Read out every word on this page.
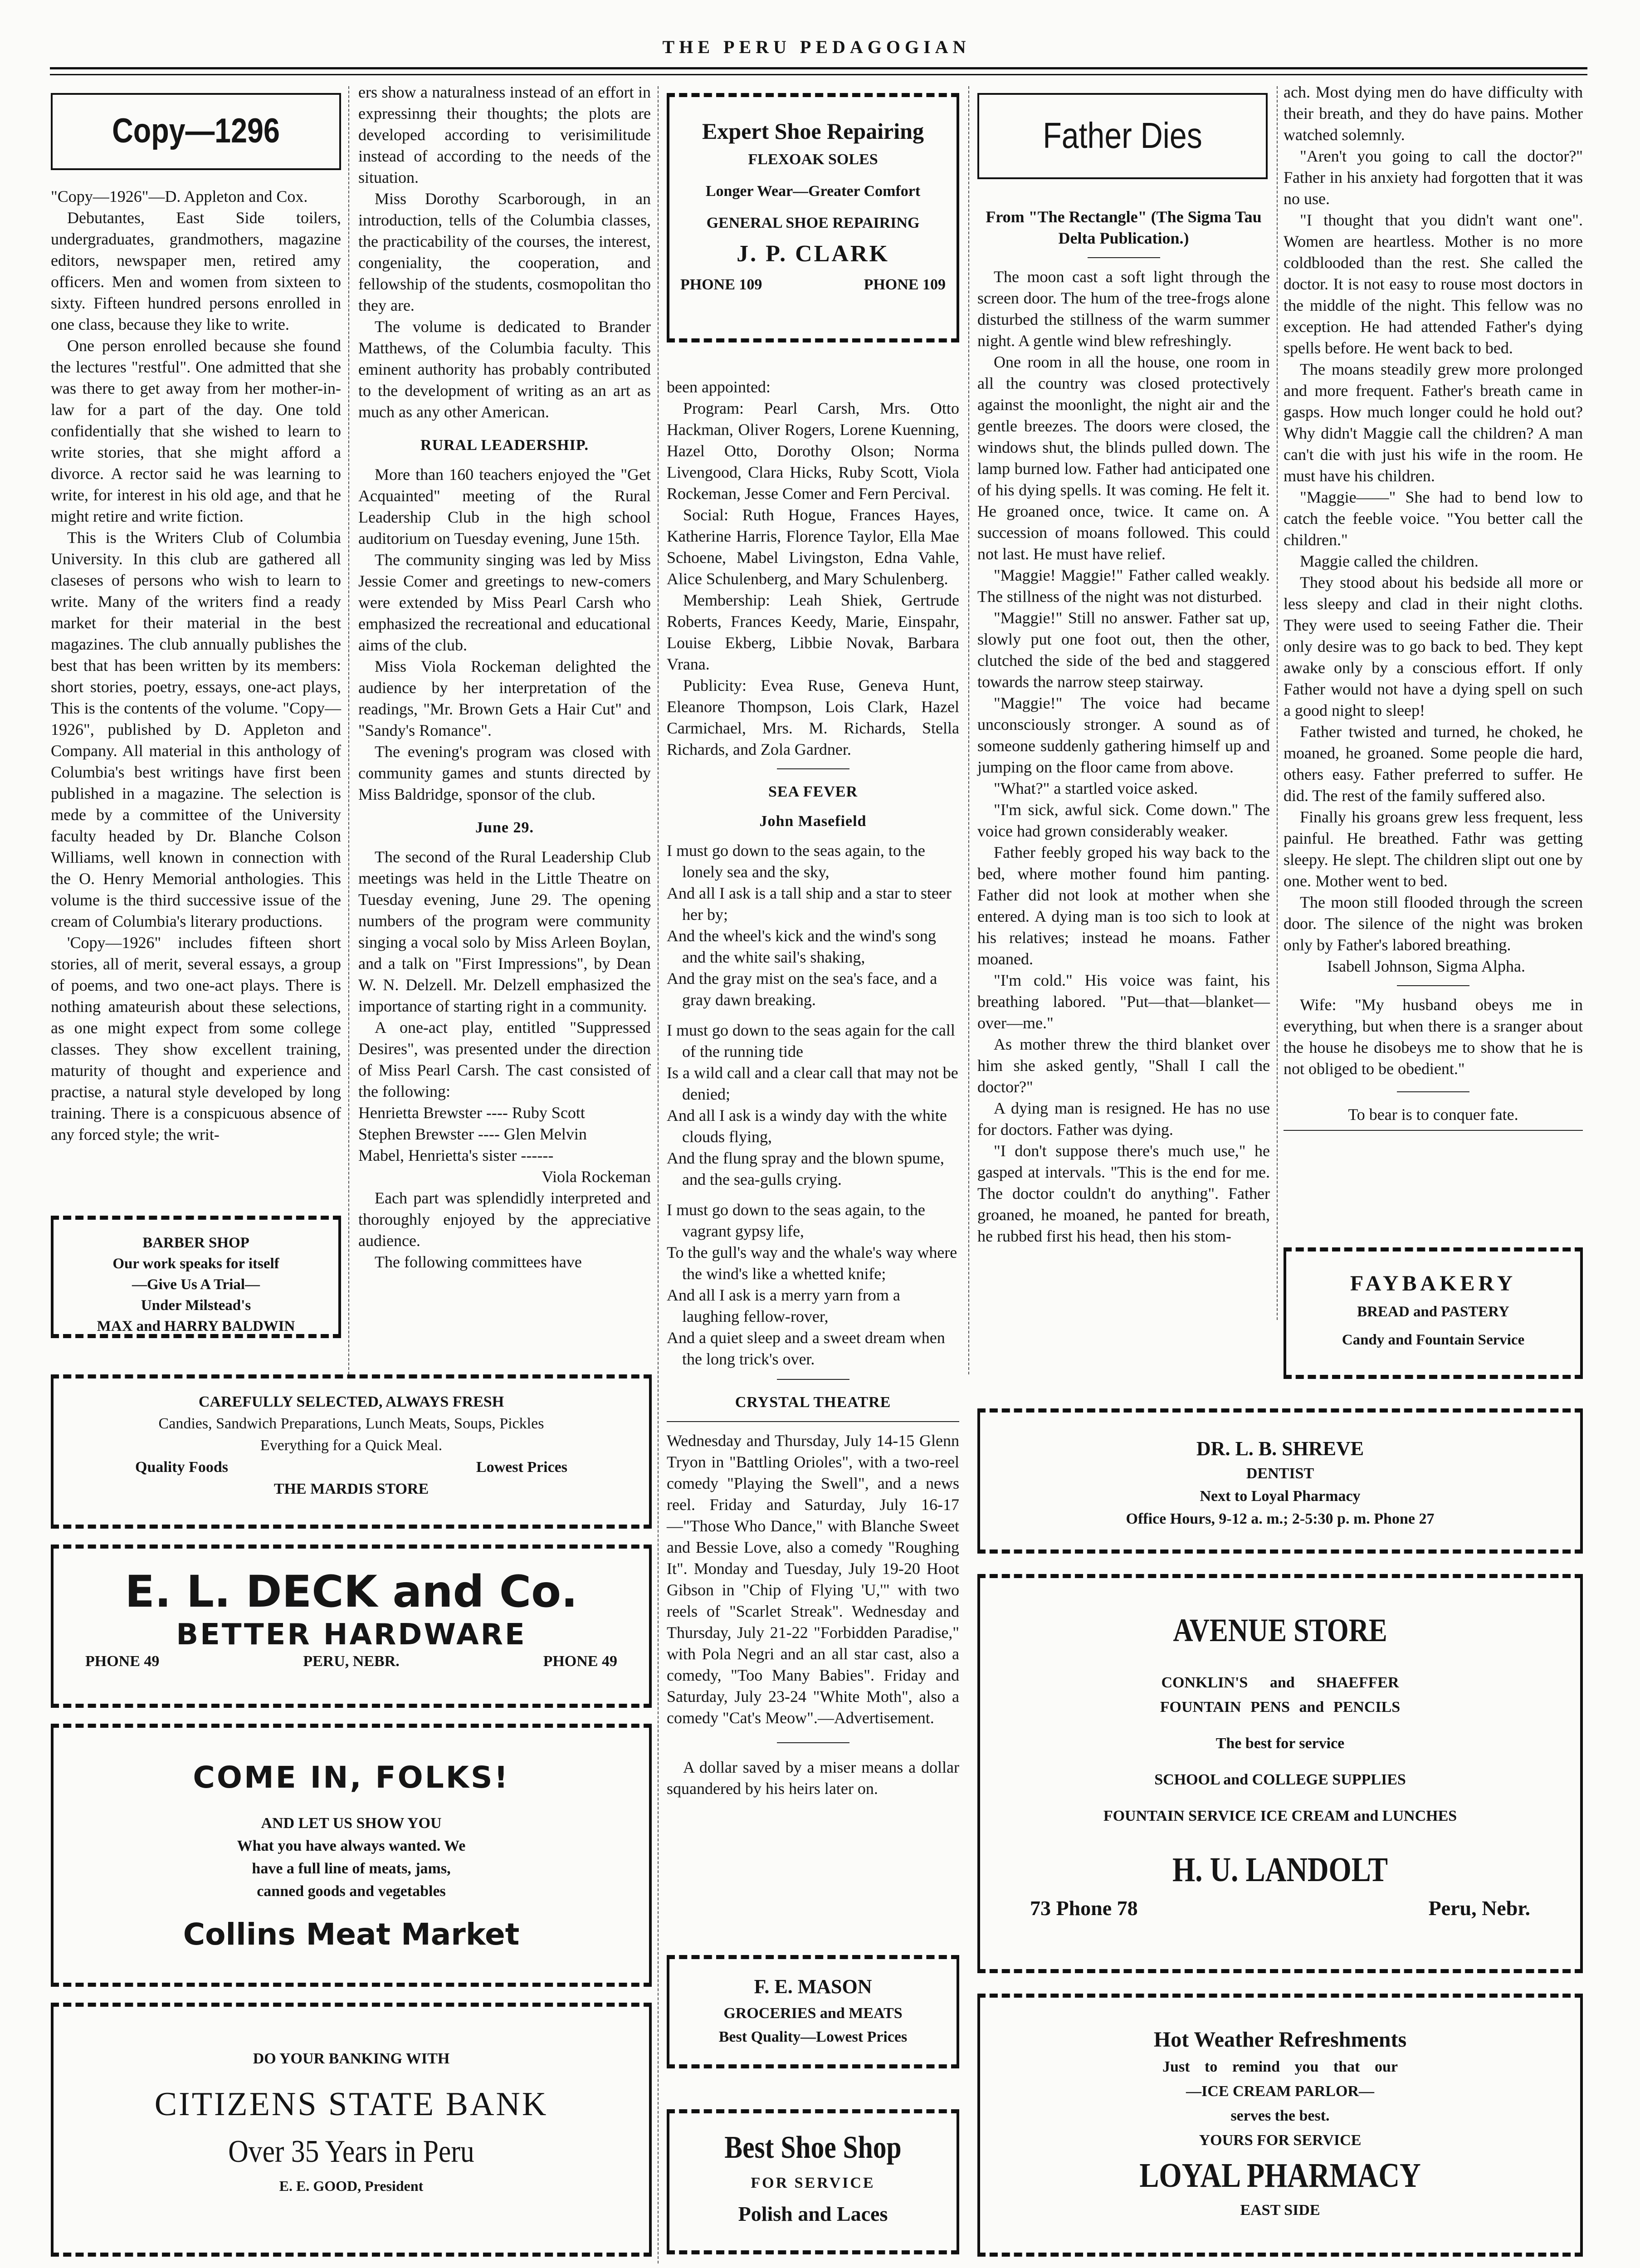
THE PERU PEDAGOGIAN
Copy—1296

"Copy—1926"—D. Appleton and Cox.

Debutantes, East Side toilers, undergraduates, grandmothers, magazine editors, newspaper men, retired amy officers. Men and women from sixteen to sixty. Fifteen hundred persons enrolled in one class, because they like to write.

One person enrolled because she found the lectures "restful". One admitted that she was there to get away from her mother-in-law for a part of the day. One told confidentially that she wished to learn to write stories, that she might afford a divorce. A rector said he was learning to write, for interest in his old age, and that he might retire and write fiction.

This is the Writers Club of Columbia University. In this club are gathered all claseses of persons who wish to learn to write. Many of the writers find a ready market for their material in the best magazines. The club annually publishes the best that has been written by its members: short stories, poetry, essays, one-act plays, This is the contents of the volume. "Copy—1926", published by D. Appleton and Company. All material in this anthology of Columbia's best writings have first been published in a magazine. The selection is mede by a committee of the University faculty headed by Dr. Blanche Colson Williams, well known in connection with the O. Henry Memorial anthologies. This volume is the third successive issue of the cream of Columbia's literary productions.

'Copy—1926" includes fifteen short stories, all of merit, several essays, a group of poems, and two one-act plays. There is nothing amateurish about these selections, as one might expect from some college classes. They show excellent training, maturity of thought and experience and practise, a natural style developed by long training. There is a conspicuous absence of any forced style; the writ-

BARBER SHOP
Our work speaks for itself
—Give Us A Trial—
Under Milstead's
MAX and HARRY BALDWIN

ers show a naturalness instead of an effort in expressinng their thoughts; the plots are developed according to verisimilitude instead of according to the needs of the situation.

Miss Dorothy Scarborough, in an introduction, tells of the Columbia classes, the practicability of the courses, the interest, congeniality, the cooperation, and fellowship of the students, cosmopolitan tho they are.

The volume is dedicated to Brander Matthews, of the Columbia faculty. This eminent authority has probably contributed to the development of writing as an art as much as any other American.

RURAL LEADERSHIP.

More than 160 teachers enjoyed the "Get Acquainted" meeting of the Rural Leadership Club in the high school auditorium on Tuesday evening, June 15th.

The community singing was led by Miss Jessie Comer and greetings to new-comers were extended by Miss Pearl Carsh who emphasized the recreational and educational aims of the club.

Miss Viola Rockeman delighted the audience by her interpretation of the readings, "Mr. Brown Gets a Hair Cut" and "Sandy's Romance".

The evening's program was closed with community games and stunts directed by Miss Baldridge, sponsor of the club.

June 29.

The second of the Rural Leadership Club meetings was held in the Little Theatre on Tuesday evening, June 29. The opening numbers of the program were community singing a vocal solo by Miss Arleen Boylan, and a talk on "First Impressions", by Dean W. N. Delzell. Mr. Delzell emphasized the importance of starting right in a community.

A one-act play, entitled "Suppressed Desires", was presented under the direction of Miss Pearl Carsh. The cast consisted of the following:

Henrietta Brewster ---- Ruby Scott

Stephen Brewster ---- Glen Melvin

Mabel, Henrietta's sister ------

Viola Rockeman

Each part was splendidly interpreted and thoroughly enjoyed by the appreciative audience.

The following committees have

Expert Shoe Repairing
FLEXOAK SOLES
Longer Wear—Greater Comfort
GENERAL SHOE REPAIRING
J. P. CLARK
PHONE 109	PHONE 109

been appointed:

Program: Pearl Carsh, Mrs. Otto Hackman, Oliver Rogers, Lorene Kuenning, Hazel Otto, Dorothy Olson; Norma Livengood, Clara Hicks, Ruby Scott, Viola Rockeman, Jesse Comer and Fern Percival.

Social: Ruth Hogue, Frances Hayes, Katherine Harris, Florence Taylor, Ella Mae Schoene, Mabel Livingston, Edna Vahle, Alice Schulenberg, and Mary Schulenberg.

Membership: Leah Shiek, Gertrude Roberts, Frances Keedy, Marie, Einspahr, Louise Ekberg, Libbie Novak, Barbara Vrana.

Publicity: Evea Ruse, Geneva Hunt, Eleanore Thompson, Lois Clark, Hazel Carmichael, Mrs. M. Richards, Stella Richards, and Zola Gardner.

SEA FEVER
John Masefield

I must go down to the seas again, to the lonely sea and the sky,

And all I ask is a tall ship and a star to steer her by;

And the wheel's kick and the wind's song and the white sail's shaking,

And the gray mist on the sea's face, and a gray dawn breaking.

I must go down to the seas again for the call of the running tide

Is a wild call and a clear call that may not be denied;

And all I ask is a windy day with the white clouds flying,

And the flung spray and the blown spume, and the sea-gulls crying.

I must go down to the seas again, to the vagrant gypsy life,

To the gull's way and the whale's way where the wind's like a whetted knife;

And all I ask is a merry yarn from a laughing fellow-rover,

And a quiet sleep and a sweet dream when the long trick's over.

CRYSTAL THEATRE

Wednesday and Thursday, July 14-15 Glenn Tryon in "Battling Orioles", with a two-reel comedy "Playing the Swell", and a news reel. Friday and Saturday, July 16-17—"Those Who Dance," with Blanche Sweet and Bessie Love, also a comedy "Roughing It". Monday and Tuesday, July 19-20 Hoot Gibson in "Chip of Flying 'U,'" with two reels of "Scarlet Streak". Wednesday and Thursday, July 21-22 "Forbidden Paradise," with Pola Negri and an all star cast, also a comedy, "Too Many Babies". Friday and Saturday, July 23-24 "White Moth", also a comedy "Cat's Meow".—Advertisement.

A dollar saved by a miser means a dollar squandered by his heirs later on.

Father Dies

From "The Rectangle" (The Sigma Tau Delta Publication.)

The moon cast a soft light through the screen door. The hum of the tree-frogs alone disturbed the stillness of the warm summer night. A gentle wind blew refreshingly.

One room in all the house, one room in all the country was closed protectively against the moonlight, the night air and the gentle breezes. The doors were closed, the windows shut, the blinds pulled down. The lamp burned low. Father had anticipated one of his dying spells. It was coming. He felt it. He groaned once, twice. It came on. A succession of moans followed. This could not last. He must have relief.

"Maggie! Maggie!" Father called weakly. The stillness of the night was not disturbed.

"Maggie!" Still no answer. Father sat up, slowly put one foot out, then the other, clutched the side of the bed and staggered towards the narrow steep stairway.

"Maggie!" The voice had became unconsciously stronger. A sound as of someone suddenly gathering himself up and jumping on the floor came from above.

"What?" a startled voice asked.

"I'm sick, awful sick. Come down." The voice had grown considerably weaker.

Father feebly groped his way back to the bed, where mother found him panting. Father did not look at mother when she entered. A dying man is too sich to look at his relatives; instead he moans. Father moaned.

"I'm cold." His voice was faint, his breathing labored. "Put—that—blanket—over—me."

As mother threw the third blanket over him she asked gently, "Shall I call the doctor?"

A dying man is resigned. He has no use for doctors. Father was dying.

"I don't suppose there's much use," he gasped at intervals. "This is the end for me. The doctor couldn't do anything". Father groaned, he moaned, he panted for breath, he rubbed first his head, then his stom-

ach. Most dying men do have difficulty with their breath, and they do have pains. Mother watched solemnly.

"Aren't you going to call the doctor?" Father in his anxiety had forgotten that it was no use.

"I thought that you didn't want one". Women are heartless. Mother is no more coldblooded than the rest. She called the doctor. It is not easy to rouse most doctors in the middle of the night. This fellow was no exception. He had attended Father's dying spells before. He went back to bed.

The moans steadily grew more prolonged and more frequent. Father's breath came in gasps. How much longer could he hold out? Why didn't Maggie call the children? A man can't die with just his wife in the room. He must have his children.

"Maggie——" She had to bend low to catch the feeble voice. "You better call the children."

Maggie called the children.

They stood about his bedside all more or less sleepy and clad in their night cloths. They were used to seeing Father die. Their only desire was to go back to bed. They kept awake only by a conscious effort. If only Father would not have a dying spell on such a good night to sleep!

Father twisted and turned, he choked, he moaned, he groaned. Some people die hard, others easy. Father preferred to suffer. He did. The rest of the family suffered also.

Finally his groans grew less frequent, less painful. He breathed. Fathr was getting sleepy. He slept. The children slipt out one by one. Mother went to bed.

The moon still flooded through the screen door. The silence of the night was broken only by Father's labored breathing.

Isabell Johnson, Sigma Alpha.

Wife: "My husband obeys me in everything, but when there is a sranger about the house he disobeys me to show that he is not obliged to be obedient."

To bear is to conquer fate.

FAYBAKERY
BREAD and PASTERY
Candy and Fountain Service
CAREFULLY SELECTED, ALWAYS FRESH
Candies, Sandwich Preparations, Lunch Meats, Soups, Pickles
Everything for a Quick Meal.
Quality Foods	Lowest Prices
THE MARDIS STORE
E. L. DECK and Co.
BETTER HARDWARE
PHONE 49	PERU, NEBR.	PHONE 49
COME IN, FOLKS!
AND LET US SHOW YOU
What you have always wanted. We
have a full line of meats, jams,
canned goods and vegetables
Collins Meat Market
DO YOUR BANKING WITH
CITIZENS STATE BANK
Over 35 Years in Peru
E. E. GOOD, President
F. E. MASON
GROCERIES and MEATS
Best Quality—Lowest Prices
Best Shoe Shop
FOR SERVICE
Polish and Laces
DR. L. B. SHREVE
DENTIST
Next to Loyal Pharmacy
Office Hours, 9-12 a. m.; 2-5:30 p. m. Phone 27
AVENUE STORE
CONKLIN'S and SHAEFFER
FOUNTAIN PENS and PENCILS
The best for service
SCHOOL and COLLEGE SUPPLIES
FOUNTAIN SERVICE ICE CREAM and LUNCHES
H. U. LANDOLT
73 Phone 78	Peru, Nebr.
Hot Weather Refreshments
Just to remind you that our
—ICE CREAM PARLOR—
serves the best.
YOURS FOR SERVICE
LOYAL PHARMACY
EAST SIDE
